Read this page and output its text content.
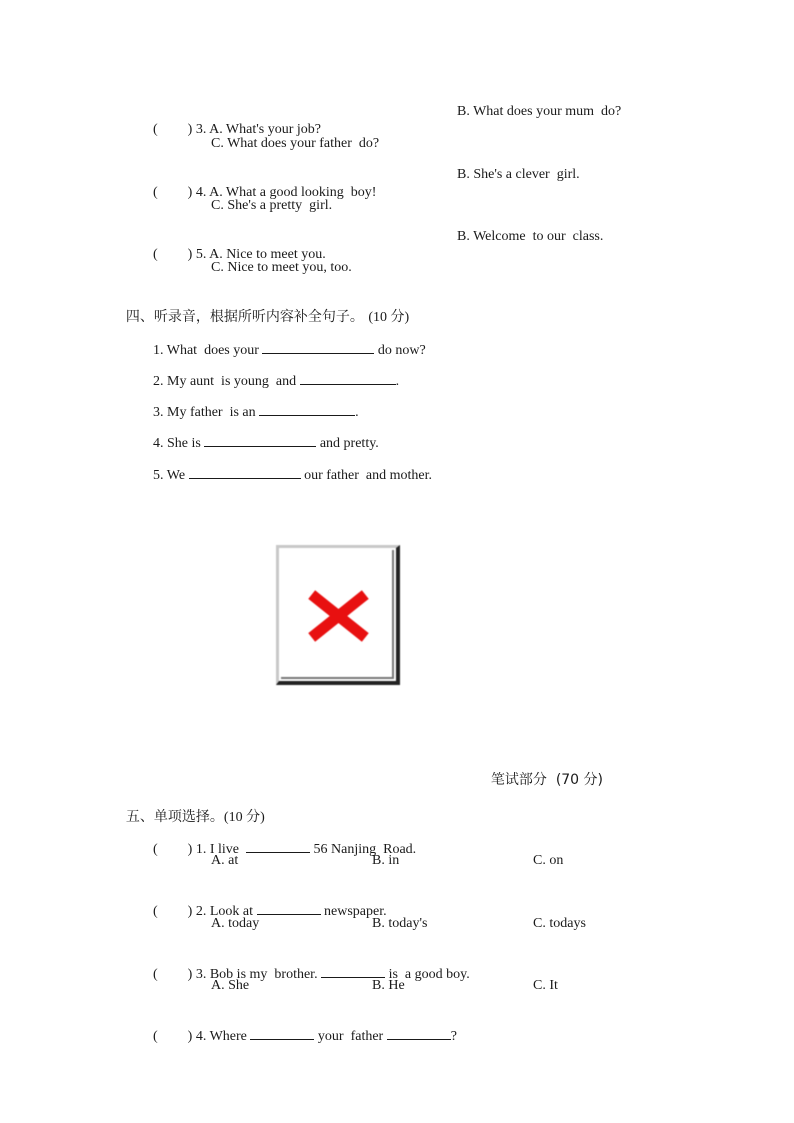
( ) 3. A. What's your job?

B. What does your mum  do?
C. What does your father  do?

( ) 4. A. What a good looking  boy!

B. She's a clever  girl.
C. She's a pretty  girl.

( ) 5. A. Nice to meet you.

B. Welcome  to our  class.
C. Nice to meet you, too.

四、听录音，根据所听内容补全句子。 (10 分)

1. What  does your	do now?

2. My aunt  is young  and	.

3. My father  is an	.

4. She is	and pretty.

5. We	our father  and mother.

笔试部分 (70 分)

五、单项选择。(10 分)

( ) 1. I live	56 Nanjing  Road.

A. at	B. in	C. on

( ) 2. Look at	newspaper.

A. today	B. today's	C. todays

( ) 3. Bob is my  brother.	is  a good boy.

A. She	B. He	C. It

( ) 4. Where	your  father	?
